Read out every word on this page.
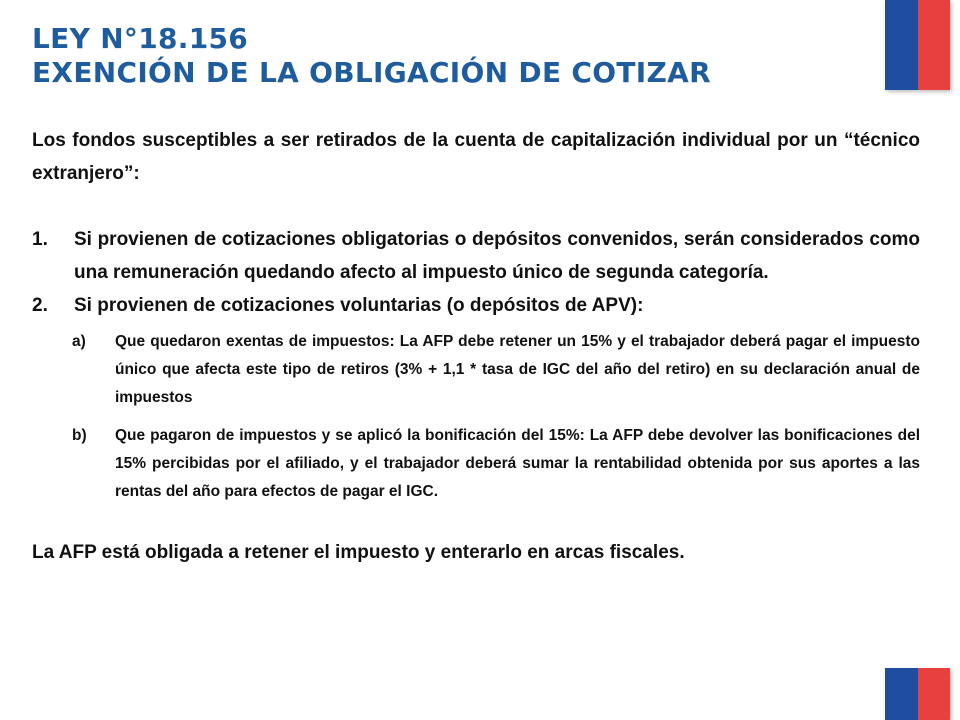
LEY N°18.156
EXENCIÓN DE LA OBLIGACIÓN DE COTIZAR

Los fondos susceptibles a ser retirados de la cuenta de capitalización individual por un “técnico extranjero”:

1. Si provienen de cotizaciones obligatorias o depósitos convenidos, serán considerados como una remuneración quedando afecto al impuesto único de segunda categoría.
2. Si provienen de cotizaciones voluntarias (o depósitos de APV):
a) Que quedaron exentas de impuestos: La AFP debe retener un 15% y el trabajador deberá pagar el impuesto único que afecta este tipo de retiros (3% + 1,1 * tasa de IGC del año del retiro) en su declaración anual de impuestos
b) Que pagaron de impuestos y se aplicó la bonificación del 15%: La AFP debe devolver las bonificaciones del 15% percibidas por el afiliado, y el trabajador deberá sumar la rentabilidad obtenida por sus aportes a las rentas del año para efectos de pagar el IGC.

La AFP está obligada a retener el impuesto y enterarlo en arcas fiscales.
